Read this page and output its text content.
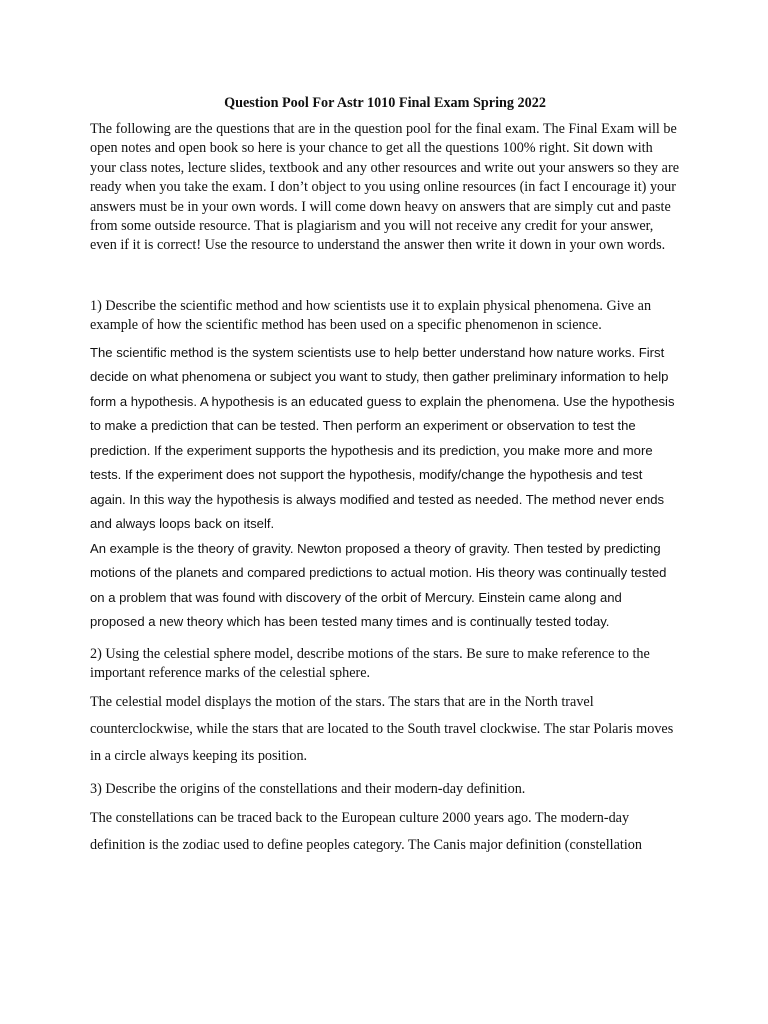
Question Pool For Astr 1010 Final Exam Spring 2022

The following are the questions that are in the question pool for the final exam. The Final Exam will be open notes and open book so here is your chance to get all the questions 100% right. Sit down with your class notes, lecture slides, textbook and any other resources and write out your answers so they are ready when you take the exam. I don’t object to you using online resources (in fact I encourage it) your answers must be in your own words. I will come down heavy on answers that are simply cut and paste from some outside resource. That is plagiarism and you will not receive any credit for your answer, even if it is correct! Use the resource to understand the answer then write it down in your own words.

1) Describe the scientific method and how scientists use it to explain physical phenomena. Give an example of how the scientific method has been used on a specific phenomenon in science.

The scientific method is the system scientists use to help better understand how nature works. First decide on what phenomena or subject you want to study, then gather preliminary information to help form a hypothesis. A hypothesis is an educated guess to explain the phenomena. Use the hypothesis to make a prediction that can be tested. Then perform an experiment or observation to test the prediction. If the experiment supports the hypothesis and its prediction, you make more and more tests. If the experiment does not support the hypothesis, modify/change the hypothesis and test again. In this way the hypothesis is always modified and tested as needed. The method never ends and always loops back on itself.

An example is the theory of gravity. Newton proposed a theory of gravity. Then tested by predicting motions of the planets and compared predictions to actual motion. His theory was continually tested on a problem that was found with discovery of the orbit of Mercury. Einstein came along and proposed a new theory which has been tested many times and is continually tested today.

2) Using the celestial sphere model, describe motions of the stars. Be sure to make reference to the important reference marks of the celestial sphere.

The celestial model displays the motion of the stars. The stars that are in the North travel counterclockwise, while the stars that are located to the South travel clockwise. The star Polaris moves in a circle always keeping its position.

3) Describe the origins of the constellations and their modern-day definition.

The constellations can be traced back to the European culture 2000 years ago. The modern-day
definition is the zodiac used to define peoples category. The Canis major definition (constellation
